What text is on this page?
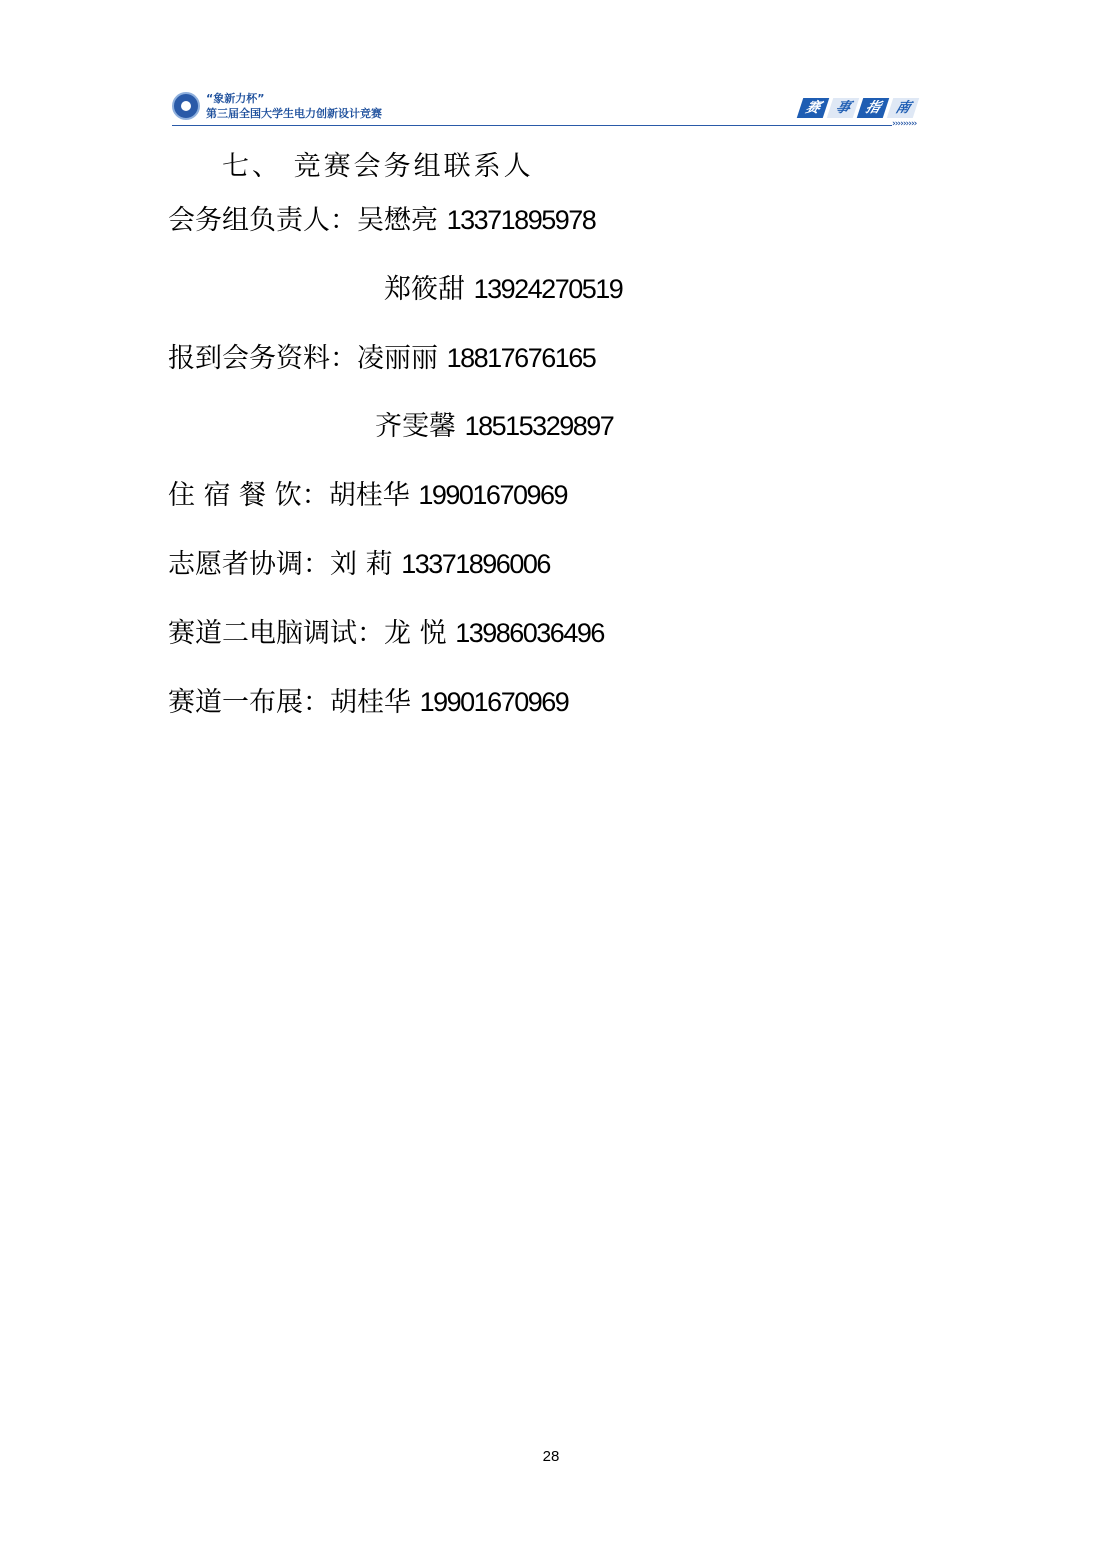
“象新力杯”
第三届全国大学生电力创新设计竞赛	赛 事 指 南
›››››››››
七、 竞赛会务组联系人
会务组负责人：吴懋亮 13371895978
郑筱甜 13924270519
报到会务资料：凌丽丽 18817676165
齐雯馨 18515329897
住 宿 餐 饮：胡桂华 19901670969
志愿者协调：刘 莉 13371896006
赛道二电脑调试：龙 悦 13986036496
赛道一布展：胡桂华 19901670969
28
